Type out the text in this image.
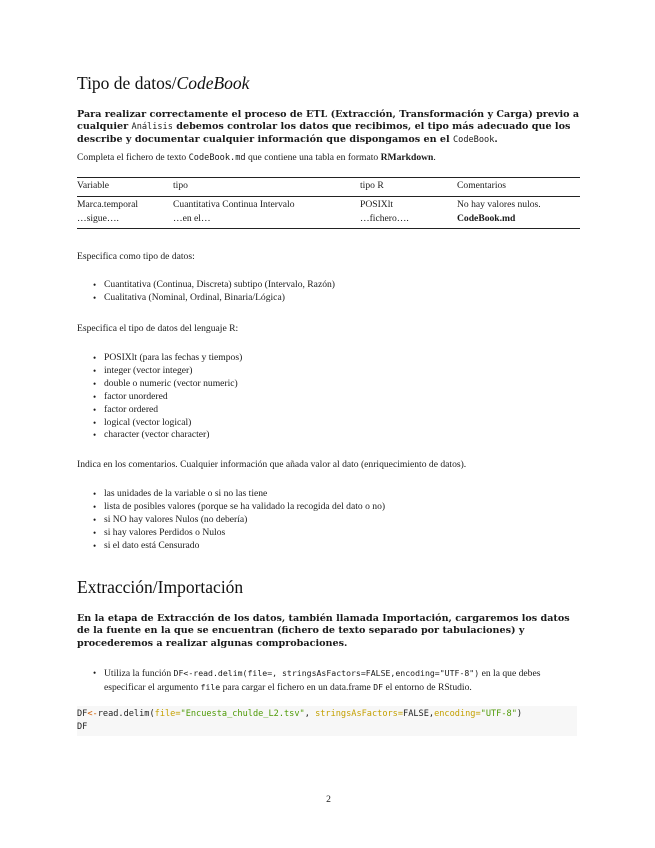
Tipo de datos/CodeBook

Para realizar correctamente el proceso de ETL (Extracción, Transformación y Carga) previo a cualquier Análisis debemos controlar los datos que recibimos, el tipo más adecuado que los describe y documentar cualquier información que dispongamos en el CodeBook.

Completa el fichero de texto CodeBook.md que contiene una tabla en formato RMarkdown.

Variable	tipo	tipo R	Comentarios
Marca.temporal	Cuantitativa Continua Intervalo	POSIXlt	No hay valores nulos.
…sigue….	…en el…	…fichero….	CodeBook.md

Especifica como tipo de datos:

• Cuantitativa (Continua, Discreta) subtipo (Intervalo, Razón)
• Cualitativa (Nominal, Ordinal, Binaria/Lógica)

Especifica el tipo de datos del lenguaje R:

• POSIXlt (para las fechas y tiempos)
• integer (vector integer)
• double o numeric (vector numeric)
• factor unordered
• factor ordered
• logical (vector logical)
• character (vector character)

Indica en los comentarios. Cualquier información que añada valor al dato (enriquecimiento de datos).

• las unidades de la variable o si no las tiene
• lista de posibles valores (porque se ha validado la recogida del dato o no)
• si NO hay valores Nulos (no debería)
• si hay valores Perdidos o Nulos
• si el dato está Censurado
Extracción/Importación

En la etapa de Extracción de los datos, también llamada Importación, cargaremos los datos de la fuente en la que se encuentran (fichero de texto separado por tabulaciones) y procederemos a realizar algunas comprobaciones.

• Utiliza la función DF<-read.delim(file=, stringsAsFactors=FALSE,encoding="UTF-8") en la que debes especificar el argumento file para cargar el fichero en un data.frame DF el entorno de RStudio.
DF<-read.delim(file="Encuesta_chulde_L2.tsv", stringsAsFactors=FALSE,encoding="UTF-8")
DF
2
